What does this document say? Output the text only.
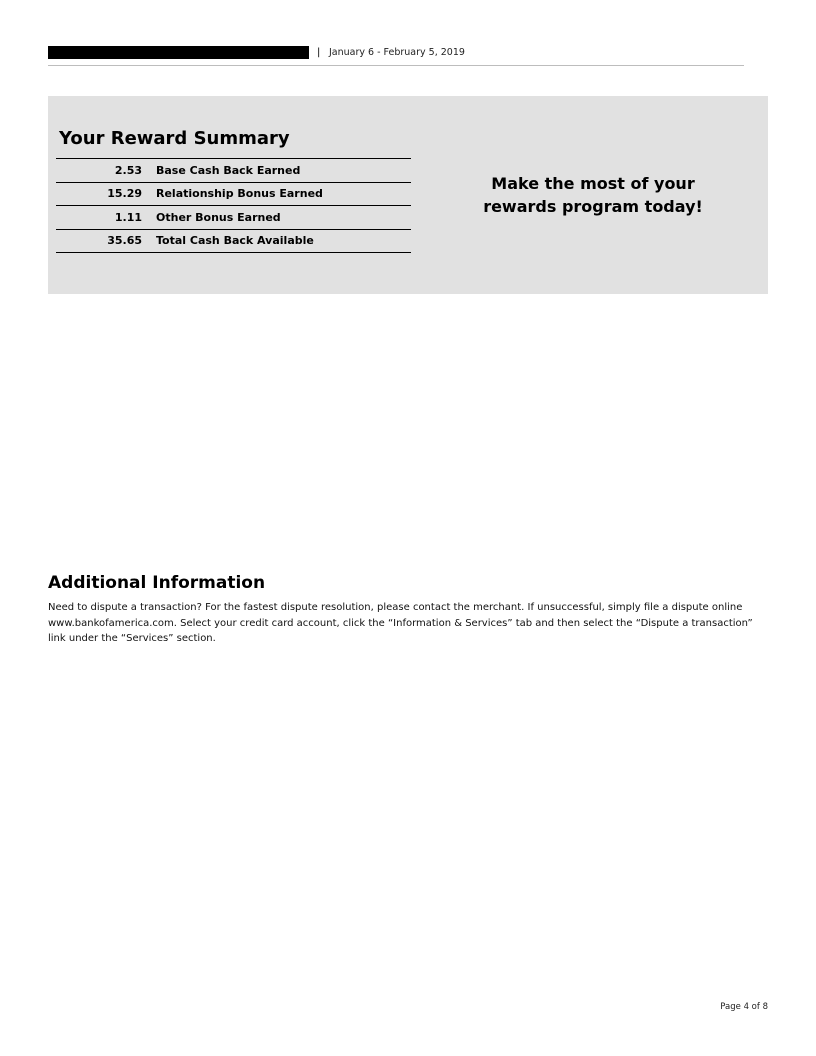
| January 6 - February 5, 2019
Your Reward Summary
2.53 Base Cash Back Earned
15.29 Relationship Bonus Earned
1.11 Other Bonus Earned
35.65 Total Cash Back Available
Make the most of your
rewards program today!
Additional Information

Need to dispute a transaction? For the fastest dispute resolution, please contact the merchant. If unsuccessful, simply file a dispute online www.bankofamerica.com. Select your credit card account, click the “Information & Services” tab and then select the “Dispute a transaction” link under the “Services” section.

Page 4 of 8
